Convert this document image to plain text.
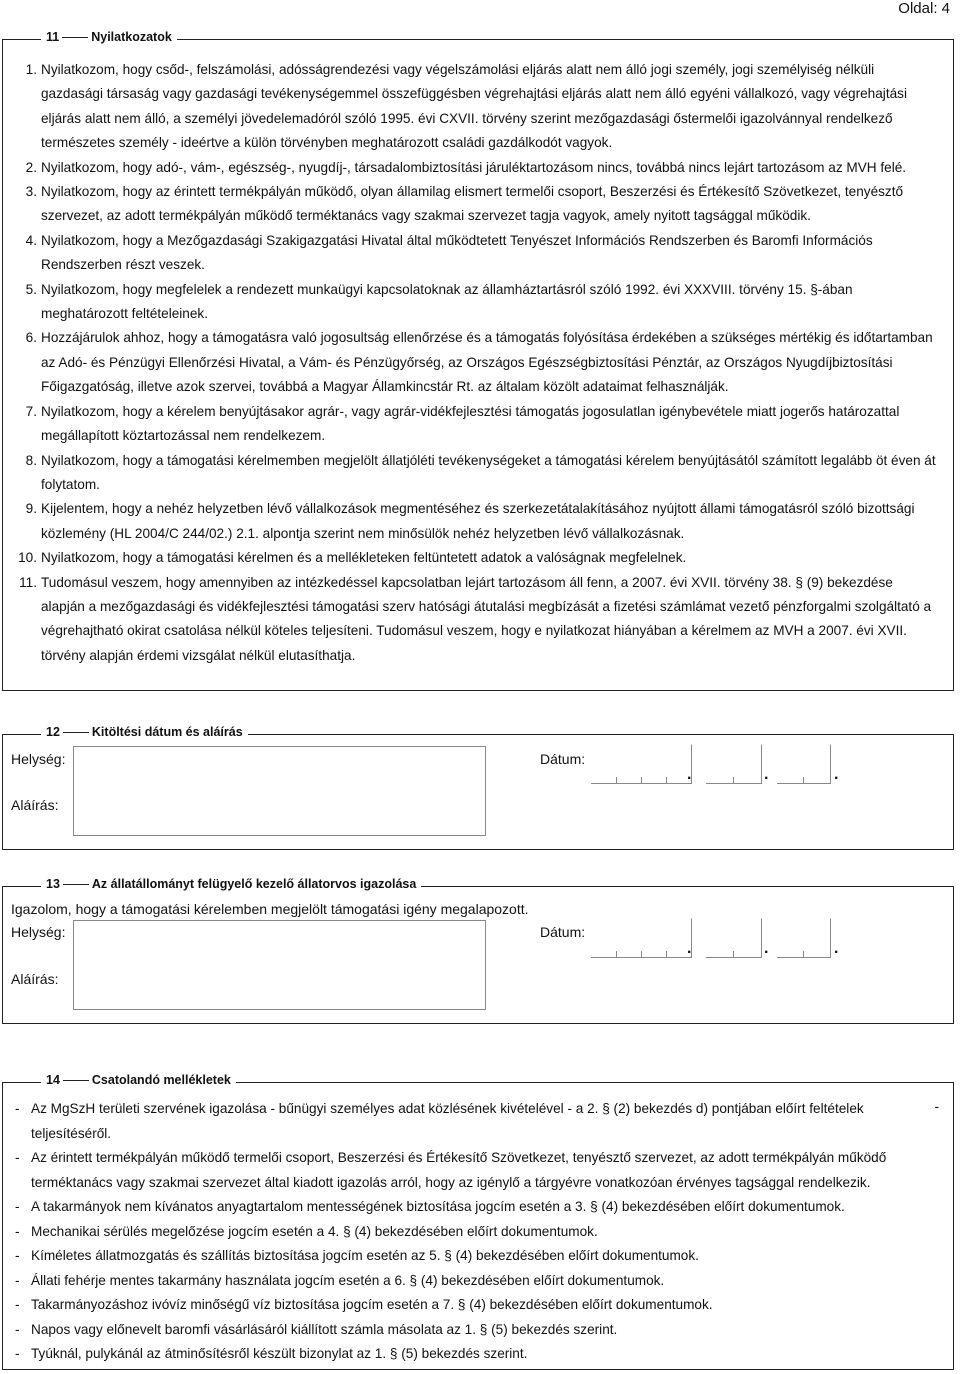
Oldal: 4
11	Nyilatkozatok
1. Nyilatkozom, hogy csőd-, felszámolási, adósságrendezési vagy végelszámolási eljárás alatt nem álló jogi személy, jogi személyiség nélküli gazdasági társaság vagy gazdasági tevékenységemmel összefüggésben végrehajtási eljárás alatt nem álló egyéni vállalkozó, vagy végrehajtási eljárás alatt nem álló, a személyi jövedelemadóról szóló 1995. évi CXVII. törvény szerint mezőgazdasági őstermelői igazolvánnyal rendelkező természetes személy - ideértve a külön törvényben meghatározott családi gazdálkodót vagyok.
2. Nyilatkozom, hogy adó-, vám-, egészség-, nyugdíj-, társadalombiztosítási járuléktartozásom nincs, továbbá nincs lejárt tartozásom az MVH felé.
3. Nyilatkozom, hogy az érintett termékpályán működő, olyan államilag elismert termelői csoport, Beszerzési és Értékesítő Szövetkezet, tenyésztő szervezet, az adott termékpályán működő terméktanács vagy szakmai szervezet tagja vagyok, amely nyitott tagsággal működik.
4. Nyilatkozom, hogy a Mezőgazdasági Szakigazgatási Hivatal által működtetett Tenyészet Információs Rendszerben és Baromfi Információs Rendszerben részt veszek.
5. Nyilatkozom, hogy megfelelek a rendezett munkaügyi kapcsolatoknak az államháztartásról szóló 1992. évi XXXVIII. törvény 15. §-ában meghatározott feltételeinek.
6. Hozzájárulok ahhoz, hogy a támogatásra való jogosultság ellenőrzése és a támogatás folyósítása érdekében a szükséges mértékig és időtartamban az Adó- és Pénzügyi Ellenőrzési Hivatal, a Vám- és Pénzügyőrség, az Országos Egészségbiztosítási Pénztár, az Országos Nyugdíjbiztosítási Főigazgatóság, illetve azok szervei, továbbá a Magyar Államkincstár Rt. az általam közölt adataimat felhasználják.
7. Nyilatkozom, hogy a kérelem benyújtásakor agrár-, vagy agrár-vidékfejlesztési támogatás jogosulatlan igénybevétele miatt jogerős határozattal megállapított köztartozással nem rendelkezem.
8. Nyilatkozom, hogy a támogatási kérelmemben megjelölt állatjóléti tevékenységeket a támogatási kérelem benyújtásától számított legalább öt éven át folytatom.
9. Kijelentem, hogy a nehéz helyzetben lévő vállalkozások megmentéséhez és szerkezetátalakításához nyújtott állami támogatásról szóló bizottsági közlemény (HL 2004/C 244/02.) 2.1. alpontja szerint nem minősülök nehéz helyzetben lévő vállalkozásnak.
10. Nyilatkozom, hogy a támogatási kérelmen és a mellékleteken feltüntetett adatok a valóságnak megfelelnek.
11. Tudomásul veszem, hogy amennyiben az intézkedéssel kapcsolatban lejárt tartozásom áll fenn, a 2007. évi XVII. törvény 38. § (9) bekezdése alapján a mezőgazdasági és vidékfejlesztési támogatási szerv hatósági átutalási megbízását a fizetési számlámat vezető pénzforgalmi szolgáltató a végrehajtható okirat csatolása nélkül köteles teljesíteni. Tudomásul veszem, hogy e nyilatkozat hiányában a kérelmem az MVH a 2007. évi XVII. törvény alapján érdemi vizsgálat nélkül elutasíthatja.
12	Kitöltési dátum és aláírás
Helység:
Aláírás:
Dátum:
.	.	.
13	Az állatállományt felügyelő kezelő állatorvos igazolása
Igazolom, hogy a támogatási kérelemben megjelölt támogatási igény megalapozott.
Helység:
Aláírás:
Dátum:
.	.	.
14	Csatolandó mellékletek
-
- Az MgSzH területi szervének igazolása - bűnügyi személyes adat közlésének kivételével - a 2. § (2) bekezdés d) pontjában előírt feltételek teljesítéséről.
- Az érintett termékpályán működő termelői csoport, Beszerzési és Értékesítő Szövetkezet, tenyésztő szervezet, az adott termékpályán működő terméktanács vagy szakmai szervezet által kiadott igazolás arról, hogy az igénylő a tárgyévre vonatkozóan érvényes tagsággal rendelkezik.
- A takarmányok nem kívánatos anyagtartalom mentességének biztosítása jogcím esetén a 3. § (4) bekezdésében előírt dokumentumok.
- Mechanikai sérülés megelőzése jogcím esetén a 4. § (4) bekezdésében előírt dokumentumok.
- Kíméletes állatmozgatás és szállítás biztosítása jogcím esetén az 5. § (4) bekezdésében előírt dokumentumok.
- Állati fehérje mentes takarmány használata jogcím esetén a 6. § (4) bekezdésében előírt dokumentumok.
- Takarmányozáshoz ivóvíz minőségű víz biztosítása jogcím esetén a 7. § (4) bekezdésében előírt dokumentumok.
- Napos vagy előnevelt baromfi vásárlásáról kiállított számla másolata az 1. § (5) bekezdés szerint.
- Tyúknál, pulykánál az átminősítésről készült bizonylat az 1. § (5) bekezdés szerint.
